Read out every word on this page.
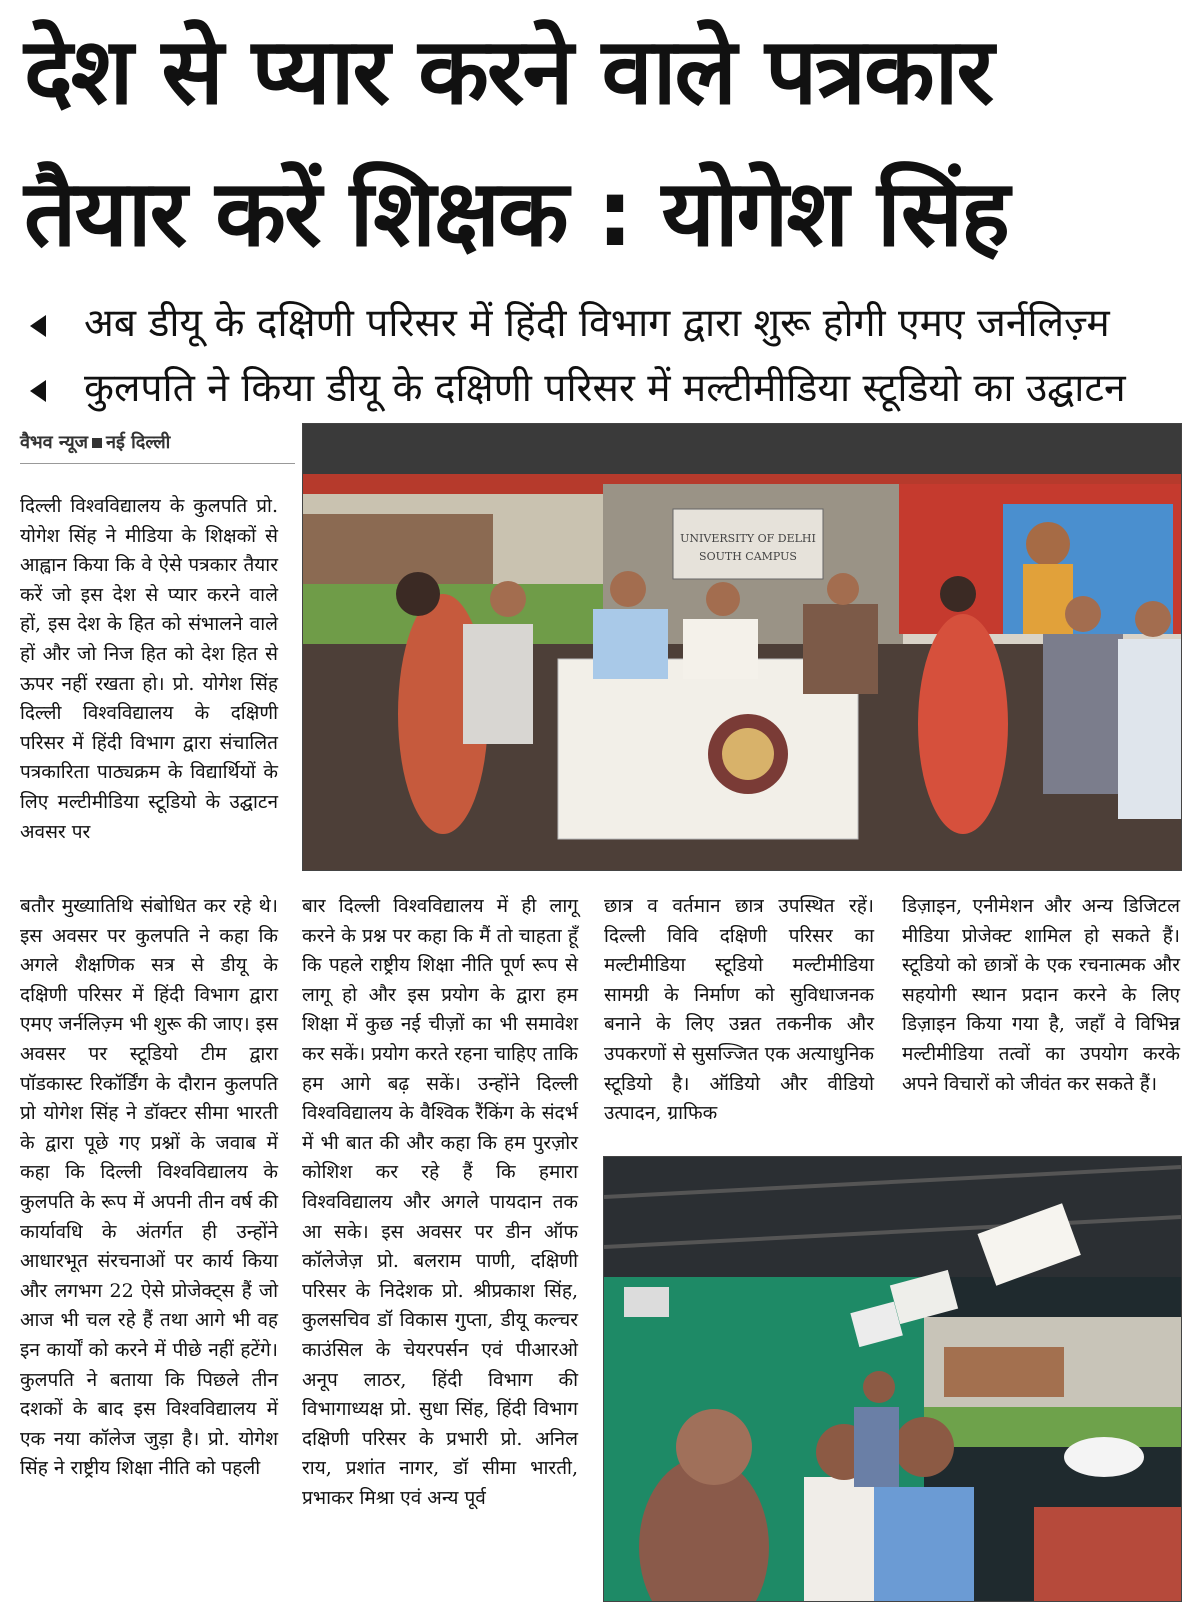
देश से प्यार करने वाले पत्रकार
तैयार करें शिक्षक : योगेश सिंह
अब डीयू के दक्षिणी परिसर में हिंदी विभाग द्वारा शुरू होगी एमए जर्नलिज़्म
कुलपति ने किया डीयू के दक्षिणी परिसर में मल्टीमीडिया स्टूडियो का उद्घाटन
वैभव न्यूज नई दिल्ली
दिल्ली विश्वविद्यालय के कुलपति प्रो. योगेश सिंह ने मीडिया के शिक्षकों से आह्वान किया कि वे ऐसे पत्रकार तैयार करें जो इस देश से प्यार करने वाले हों, इस देश के हित को संभालने वाले हों और जो निज हित को देश हित से ऊपर नहीं रखता हो। प्रो. योगेश सिंह दिल्ली विश्वविद्यालय के दक्षिणी परिसर में हिंदी विभाग द्वारा संचालित पत्रकारिता पाठ्यक्रम के विद्यार्थियों के लिए मल्टीमीडिया स्टूडियो के उद्घाटन अवसर पर
बतौर मुख्यातिथि संबोधित कर रहे थे। इस अवसर पर कुलपति ने कहा कि अगले शैक्षणिक सत्र से डीयू के दक्षिणी परिसर में हिंदी विभाग द्वारा एमए जर्नलिज़्म भी शुरू की जाए। इस अवसर पर स्टूडियो टीम द्वारा पॉडकास्ट रिकॉर्डिंग के दौरान कुलपति प्रो योगेश सिंह ने डॉक्टर सीमा भारती के द्वारा पूछे गए प्रश्नों के जवाब में कहा कि दिल्ली विश्वविद्यालय के कुलपति के रूप में अपनी तीन वर्ष की कार्यावधि के अंतर्गत ही उन्होंने आधारभूत संरचनाओं पर कार्य किया और लगभग 22 ऐसे प्रोजेक्ट्स हैं जो आज भी चल रहे हैं तथा आगे भी वह इन कार्यों को करने में पीछे नहीं हटेंगे। कुलपति ने बताया कि पिछले तीन दशकों के बाद इस विश्वविद्यालय में एक नया कॉलेज जुड़ा है। प्रो. योगेश सिंह ने राष्ट्रीय शिक्षा नीति को पहली
बार दिल्ली विश्वविद्यालय में ही लागू करने के प्रश्न पर कहा कि मैं तो चाहता हूँ कि पहले राष्ट्रीय शिक्षा नीति पूर्ण रूप से लागू हो और इस प्रयोग के द्वारा हम शिक्षा में कुछ नई चीज़ों का भी समावेश कर सकें। प्रयोग करते रहना चाहिए ताकि हम आगे बढ़ सकें। उन्होंने दिल्ली विश्वविद्यालय के वैश्विक रैंकिंग के संदर्भ में भी बात की और कहा कि हम पुरज़ोर कोशिश कर रहे हैं कि हमारा विश्वविद्यालय और अगले पायदान तक आ सके। इस अवसर पर डीन ऑफ कॉलेजेज़ प्रो. बलराम पाणी, दक्षिणी परिसर के निदेशक प्रो. श्रीप्रकाश सिंह, कुलसचिव डॉ विकास गुप्ता, डीयू कल्चर काउंसिल के चेयरपर्सन एवं पीआरओ अनूप लाठर, हिंदी विभाग की विभागाध्यक्ष प्रो. सुधा सिंह, हिंदी विभाग दक्षिणी परिसर के प्रभारी प्रो. अनिल राय, प्रशांत नागर, डॉ सीमा भारती, प्रभाकर मिश्रा एवं अन्य पूर्व
छात्र व वर्तमान छात्र उपस्थित रहें। दिल्ली विवि दक्षिणी परिसर का मल्टीमीडिया स्टूडियो मल्टीमीडिया सामग्री के निर्माण को सुविधाजनक बनाने के लिए उन्नत तकनीक और उपकरणों से सुसज्जित एक अत्याधुनिक स्टूडियो है। ऑडियो और वीडियो उत्पादन, ग्राफिक
डिज़ाइन, एनीमेशन और अन्य डिजिटल मीडिया प्रोजेक्ट शामिल हो सकते हैं। स्टूडियो को छात्रों के एक रचनात्मक और सहयोगी स्थान प्रदान करने के लिए डिज़ाइन किया गया है, जहाँ वे विभिन्न मल्टीमीडिया तत्वों का उपयोग करके अपने विचारों को जीवंत कर सकते हैं।
UNIVERSITY OF DELHI
SOUTH CAMPUS
